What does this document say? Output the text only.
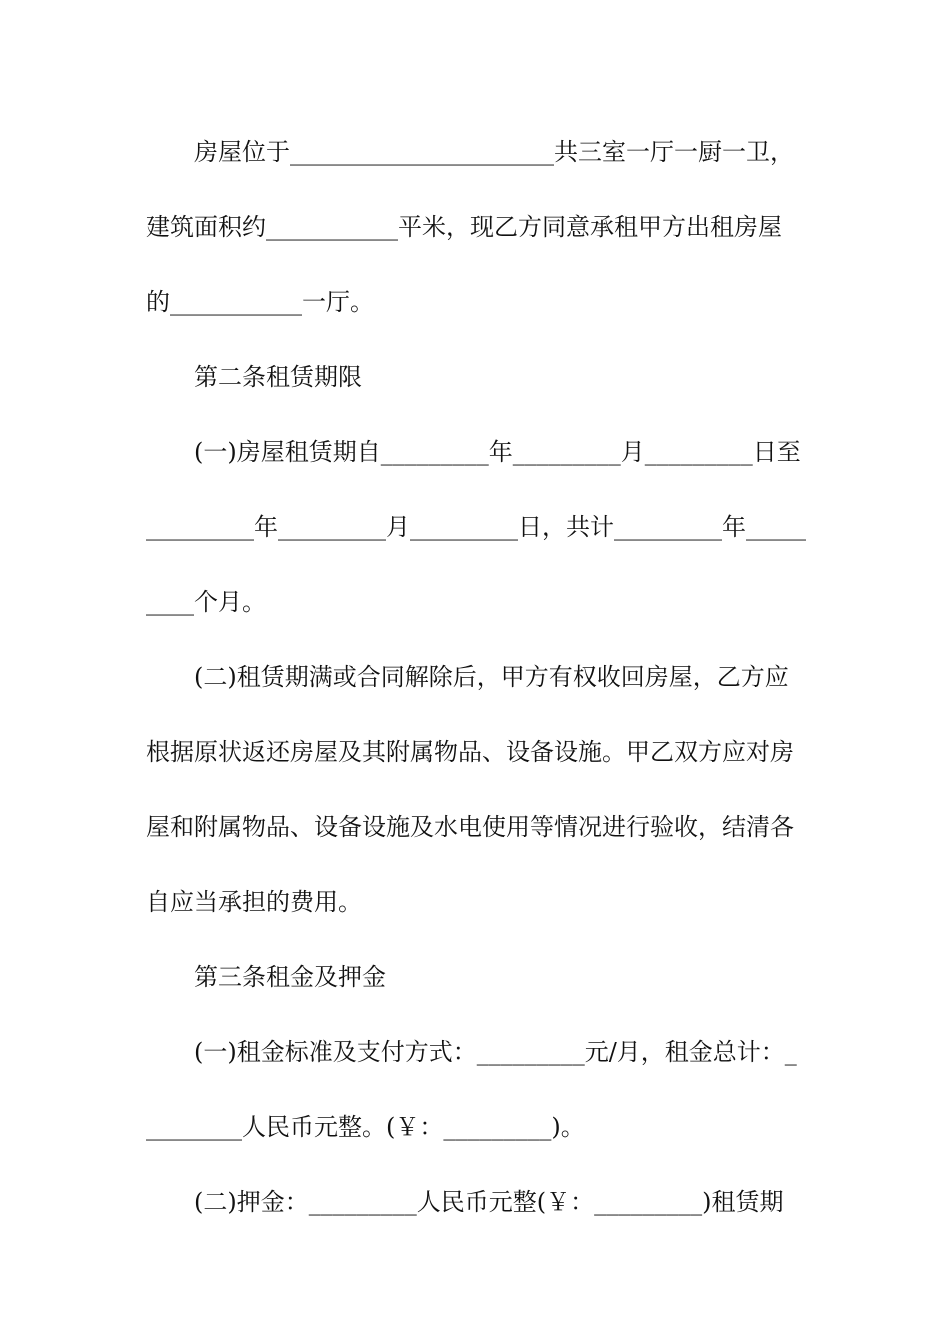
房屋位于______________________共三室一厅一厨一卫，
建筑面积约___________平米，现乙方同意承租甲方出租房屋
的___________一厅。
第二条租赁期限
(一)房屋租赁期自_________年_________月_________日至
_________年_________月_________日，共计_________年_____
____个月。
(二)租赁期满或合同解除后，甲方有权收回房屋，乙方应
根据原状返还房屋及其附属物品、设备设施。甲乙双方应对房
屋和附属物品、设备设施及水电使用等情况进行验收，结清各
自应当承担的费用。
第三条租金及押金
(一)租金标准及支付方式：_________元/月，租金总计：_
________人民币元整。(￥：_________)。
(二)押金：_________人民币元整(￥：_________)租赁期
